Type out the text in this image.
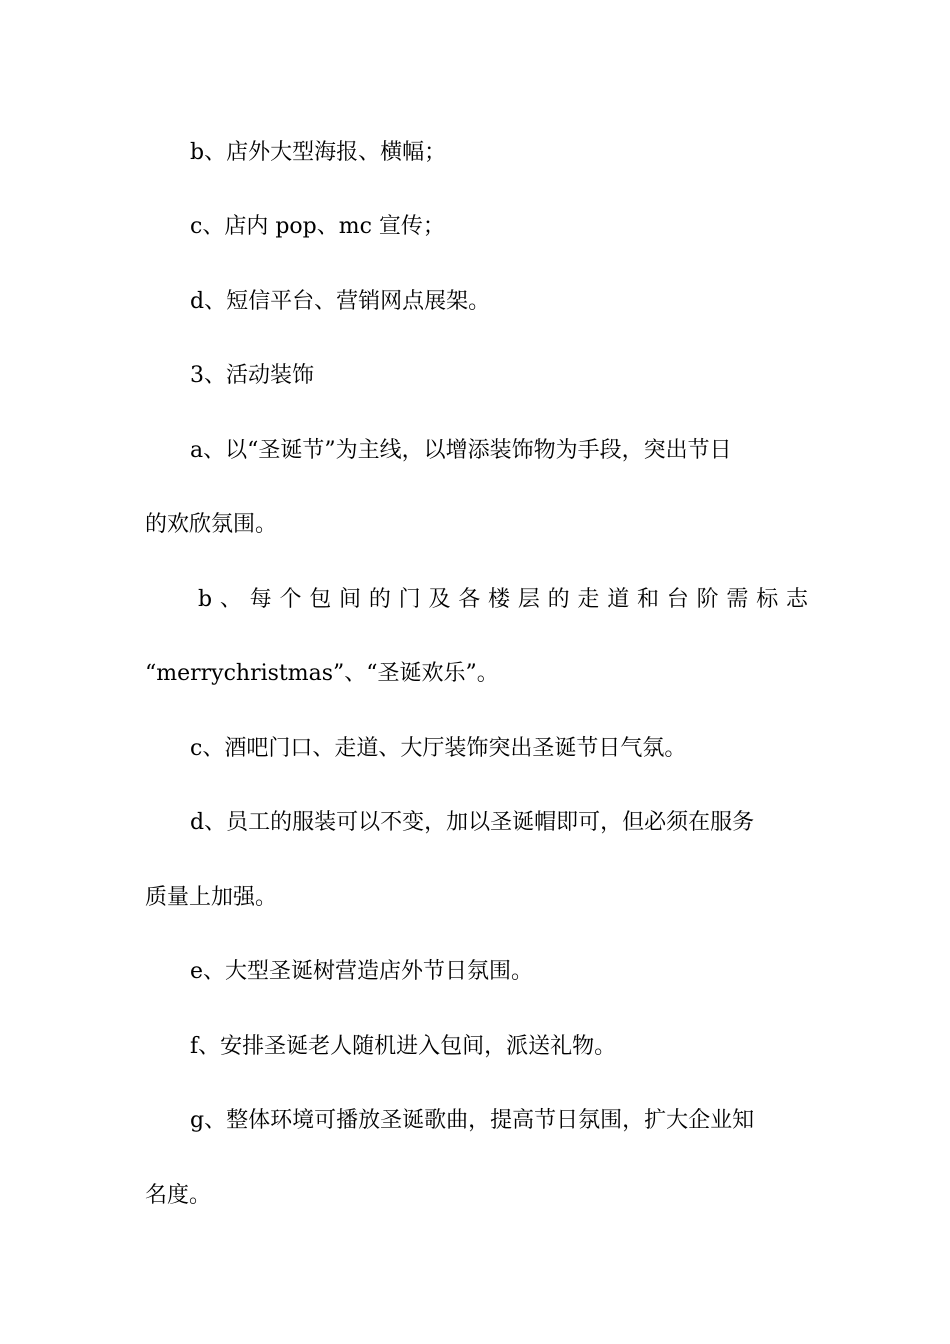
b、店外大型海报、横幅；
c、店内 pop、mc 宣传；
d、短信平台、营销网点展架。
3、活动装饰
a、以“圣诞节”为主线，以增添装饰物为手段，突出节日
的欢欣氛围。
b、每个包间的门及各楼层的走道和台阶需标志
“merrychristmas”、“圣诞欢乐”。
c、酒吧门口、走道、大厅装饰突出圣诞节日气氛。
d、员工的服装可以不变，加以圣诞帽即可，但必须在服务
质量上加强。
e、大型圣诞树营造店外节日氛围。
f、安排圣诞老人随机进入包间，派送礼物。
g、整体环境可播放圣诞歌曲，提高节日氛围，扩大企业知
名度。
